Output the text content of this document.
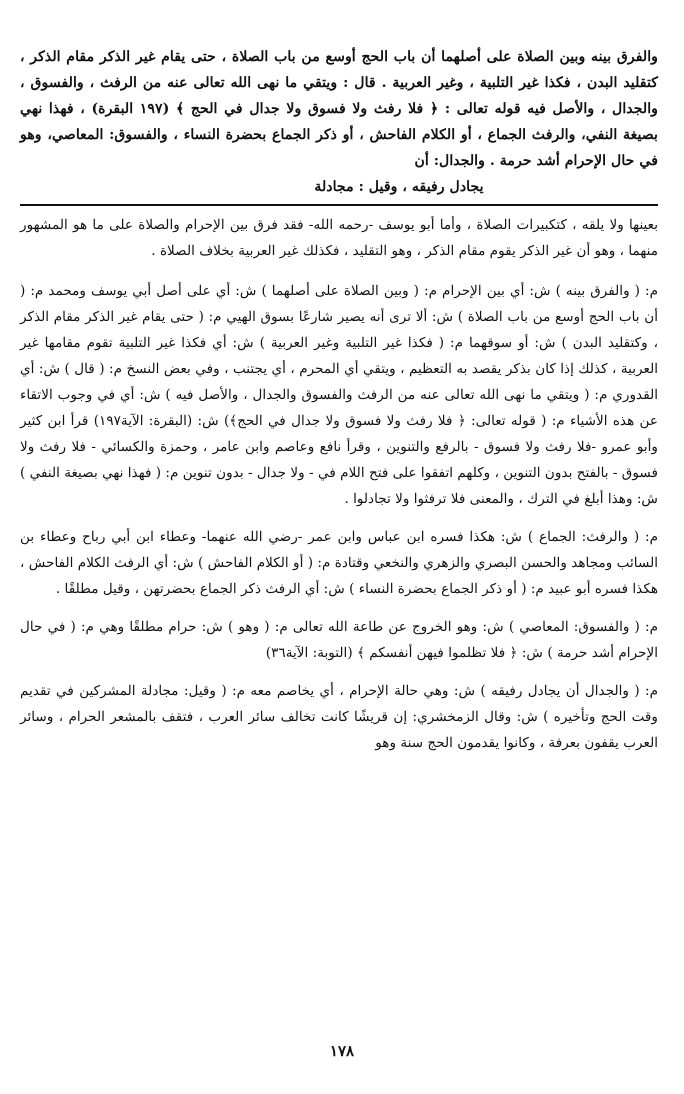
والفرق بينه وبين الصلاة على أصلهما أن باب الحج أوسع من باب الصلاة ، حتى يقام غير الذكر مقام الذكر ، كتقليد البدن ، فكذا غير التلبية ، وغير العربية . قال : ويتقي ما نهى الله تعالى عنه من الرفث ، والفسوق ، والجدال ، والأصل فيه قوله تعالى : ﴿ فلا رفث ولا فسوق ولا جدال في الحج ﴾ (١٩٧ البقرة) ، فهذا نهي بصيغة النفي، والرفث الجماع ، أو الكلام الفاحش ، أو ذكر الجماع بحضرة النساء ، والفسوق: المعاصي، وهو في حال الإحرام أشد حرمة . والجدال: أن

يجادل رفيقه ، وقيل : مجادلة

بعينها ولا يلقه ، كتكبيرات الصلاة ، وأما أبو يوسف -رحمه الله- فقد فرق بين الإحرام والصلاة على ما هو المشهور منهما ، وهو أن غير الذكر يقوم مقام الذكر ، وهو التقليد ، فكذلك غير العربية بخلاف الصلاة .

م: ( والفرق بينه ) ش: أي بين الإحرام م: ( وبين الصلاة على أصلهما ) ش: أي على أصل أبي يوسف ومحمد م: ( أن باب الحج أوسع من باب الصلاة ) ش: ألا ترى أنه يصير شارعًا بسوق الهيي م: ( حتى يقام غير الذكر مقام الذكر ، وكتقليد البدن ) ش: أو سوقهما م: ( فكذا غير التلبية وغير العربية ) ش: أي فكذا غير التلبية تقوم مقامها غير العربية ، كذلك إذا كان بذكر يقصد به التعظيم ، ويتقي أي المحرم ، أي يجتنب ، وفي بعض النسخ م: ( قال ) ش: أي القدوري م: ( ويتقي ما نهى الله تعالى عنه من الرفث والفسوق والجدال ، والأصل فيه ) ش: أي في وجوب الاتقاء عن هذه الأشياء م: ( قوله تعالى: ﴿ فلا رفث ولا فسوق ولا جدال في الحج﴾) ش: (البقرة: الآية١٩٧) قرأ ابن كثير وأبو عمرو -فلا رفث ولا فسوق - بالرفع والتنوين ، وقرأ نافع وعاصم وابن عامر ، وحمزة والكسائي - فلا رفث ولا فسوق - بالفتح بدون التنوين ، وكلهم اتفقوا على فتح اللام في - ولا جدال - بدون تنوين م: ( فهذا نهي بصيغة النفي ) ش: وهذا أبلغ في الترك ، والمعنى فلا ترفثوا ولا تجادلوا .

م: ( والرفث: الجماع ) ش: هكذا فسره ابن عباس وابن عمر -رضي الله عنهما- وعطاء ابن أبي رباح وعطاء بن السائب ومجاهد والحسن البصري والزهري والنخعي وقتادة م: ( أو الكلام الفاحش ) ش: أي الرفث الكلام الفاحش ، هكذا فسره أبو عبيد م: ( أو ذكر الجماع بحضرة النساء ) ش: أي الرفث ذكر الجماع بحضرتهن ، وقيل مطلقًا .

م: ( والفسوق: المعاصي ) ش: وهو الخروج عن طاعة الله تعالى م: ( وهو ) ش: حرام مطلقًا وهي م: ( في حال الإحرام أشد حرمة ) ش: ﴿ فلا تظلموا فيهن أنفسكم ﴾ (التوبة: الآية٣٦)

م: ( والجدال أن يجادل رفيقه ) ش: وهي حالة الإحرام ، أي يخاصم معه م: ( وقيل: مجادلة المشركين في تقديم وقت الحج وتأخيره ) ش: وقال الزمخشري: إن قريشًا كانت تخالف سائر العرب ، فتقف بالمشعر الحرام ، وسائر العرب يقفون بعرفة ، وكانوا يقدمون الحج سنة وهو

١٧٨
